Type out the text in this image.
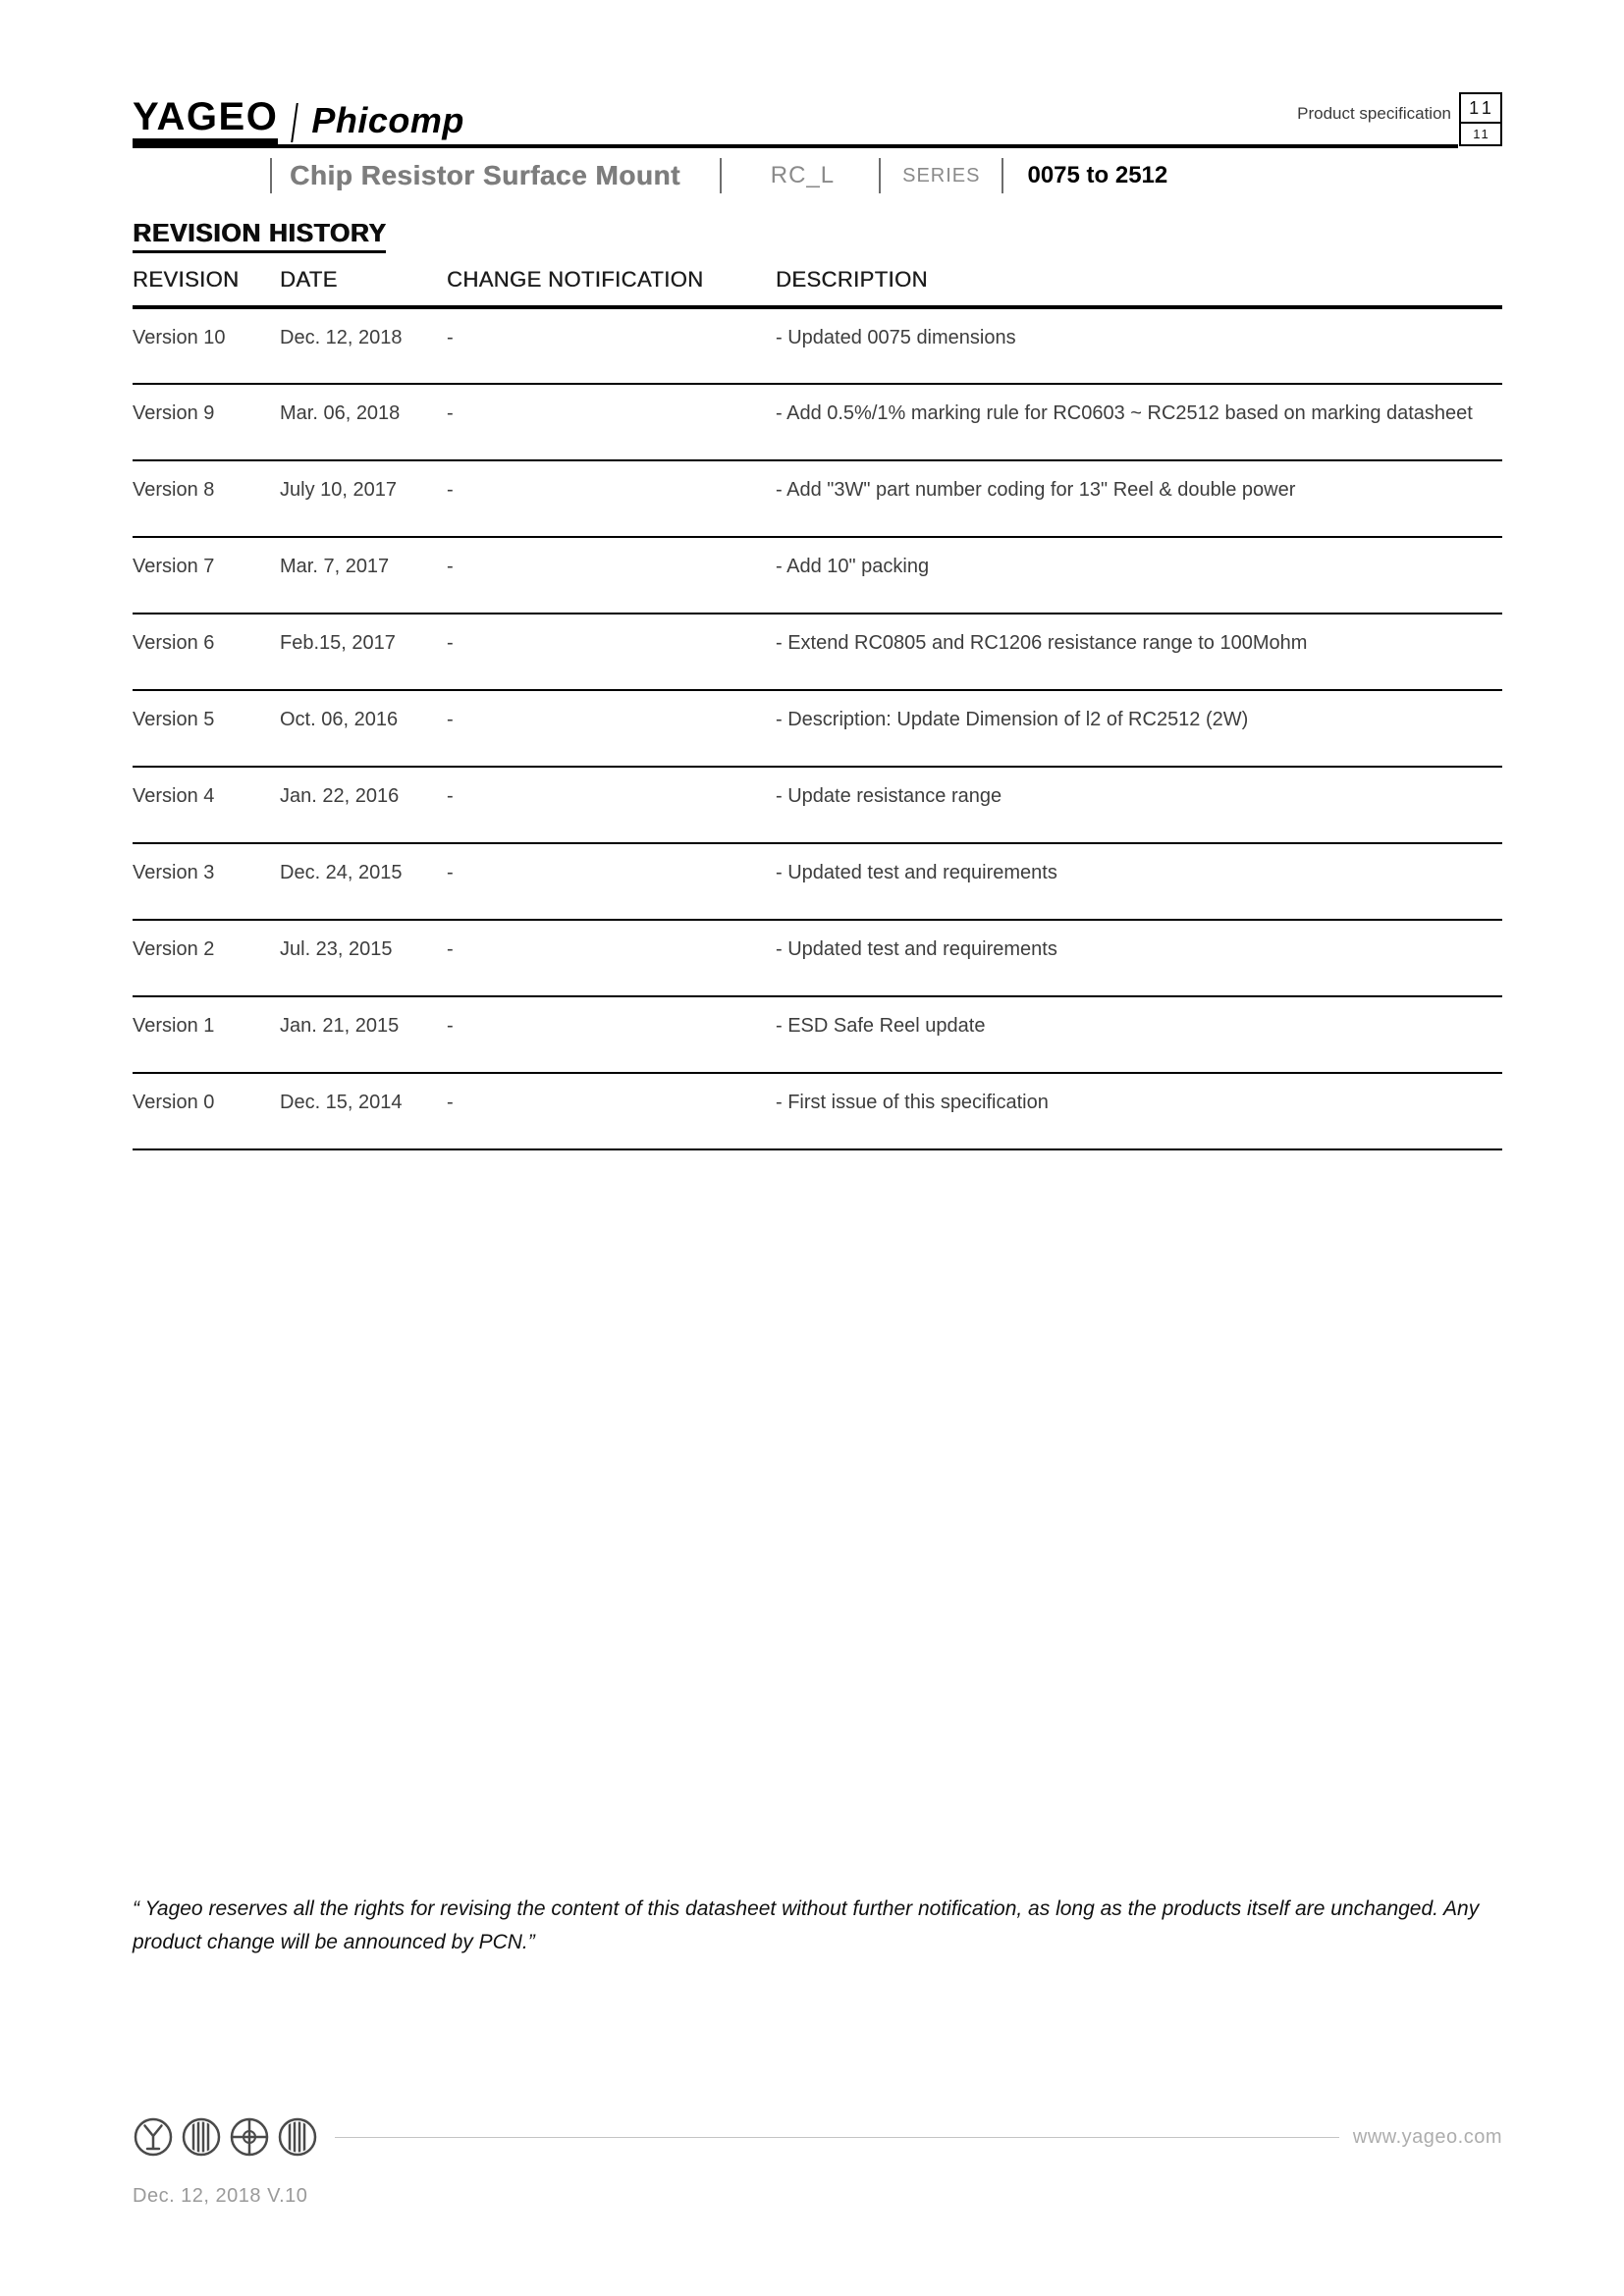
YAGEO Phicomp	Product specification	11
11
Chip Resistor Surface Mount	RC_L	SERIES 0075 to 2512
REVISION HISTORY
REVISION	DATE	CHANGE NOTIFICATION	DESCRIPTION
Version 10	Dec. 12, 2018	-	- Updated 0075 dimensions
Version 9	Mar. 06, 2018	-	- Add 0.5%/1% marking rule for RC0603 ~ RC2512 based on marking datasheet
Version 8	July 10, 2017	-	- Add "3W" part number coding for 13" Reel & double power
Version 7	Mar. 7, 2017	-	- Add 10" packing
Version 6	Feb.15, 2017	-	- Extend RC0805 and RC1206 resistance range to 100Mohm
Version 5	Oct. 06, 2016	-	- Description: Update Dimension of l2 of RC2512 (2W)
Version 4	Jan. 22, 2016	-	- Update resistance range
Version 3	Dec. 24, 2015	-	- Updated test and requirements
Version 2	Jul. 23, 2015	-	- Updated test and requirements
Version 1	Jan. 21, 2015	-	- ESD Safe Reel update
Version 0	Dec. 15, 2014	-	- First issue of this specification
“ Yageo reserves all the rights for revising the content of this datasheet without further notification, as long as the products itself are unchanged. Any product change will be announced by PCN.”
www.yageo.com
Dec. 12, 2018 V.10
